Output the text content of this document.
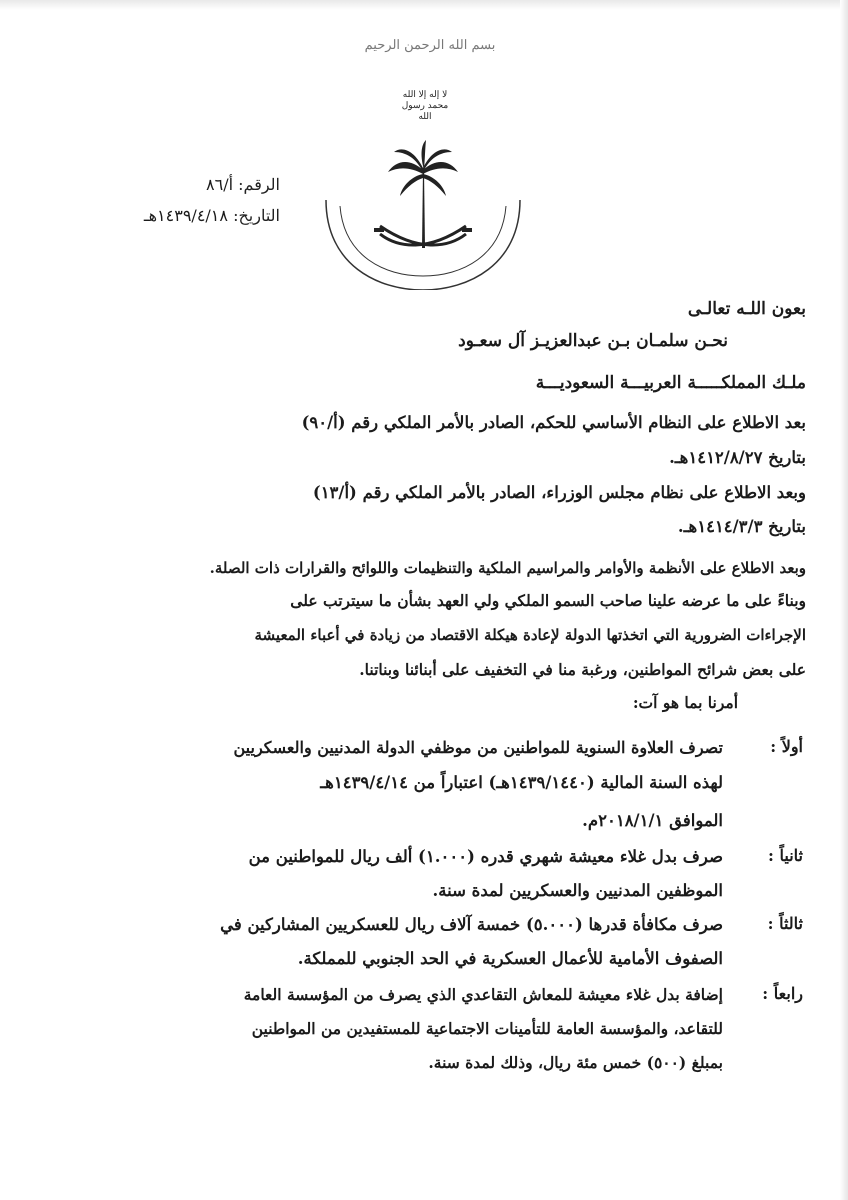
بسم الله الرحمن الرحيم
لا إله إلا الله محمد رسول الله
الرقم: أ/٨٦
التاريخ: ١٤٣٩/٤/١٨هـ
بعون اللـه تعالـى
نحـن سلمـان بـن عبدالعزيـز آل سعـود
ملـك المملكـــــة العربيـــة السعوديـــة
بعد الاطلاع على النظام الأساسي للحكم، الصادر بالأمر الملكي رقم (أ/٩٠)
بتاريخ ١٤١٢/٨/٢٧هـ.
وبعد الاطلاع على نظام مجلس الوزراء، الصادر بالأمر الملكي رقم (أ/١٣)
بتاريخ ١٤١٤/٣/٣هـ.
وبعد الاطلاع على الأنظمة والأوامر والمراسيم الملكية والتنظيمات واللوائح والقرارات ذات الصلة.
وبناءً على ما عرضه علينا صاحب السمو الملكي ولي العهد بشأن ما سيترتب على
الإجراءات الضرورية التي اتخذتها الدولة لإعادة هيكلة الاقتصاد من زيادة في أعباء المعيشة
على بعض شرائح المواطنين، ورغبة منا في التخفيف على أبنائنا وبناتنا.
أمرنا بما هو آت:
أولاً :
تصرف العلاوة السنوية للمواطنين من موظفي الدولة المدنيين والعسكريين
لهذه السنة المالية (١٤٣٩/١٤٤٠هـ) اعتباراً من ١٤٣٩/٤/١٤هـ
الموافق ٢٠١٨/١/١م.
ثانياً :
صرف بدل غلاء معيشة شهري قدره (١.٠٠٠) ألف ريال للمواطنين من
الموظفين المدنيين والعسكريين لمدة سنة.
ثالثاً :
صرف مكافأة قدرها (٥.٠٠٠) خمسة آلاف ريال للعسكريين المشاركين في
الصفوف الأمامية للأعمال العسكرية في الحد الجنوبي للمملكة.
رابعاً :
إضافة بدل غلاء معيشة للمعاش التقاعدي الذي يصرف من المؤسسة العامة
للتقاعد، والمؤسسة العامة للتأمينات الاجتماعية للمستفيدين من المواطنين
بمبلغ (٥٠٠) خمس مئة ريال، وذلك لمدة سنة.
